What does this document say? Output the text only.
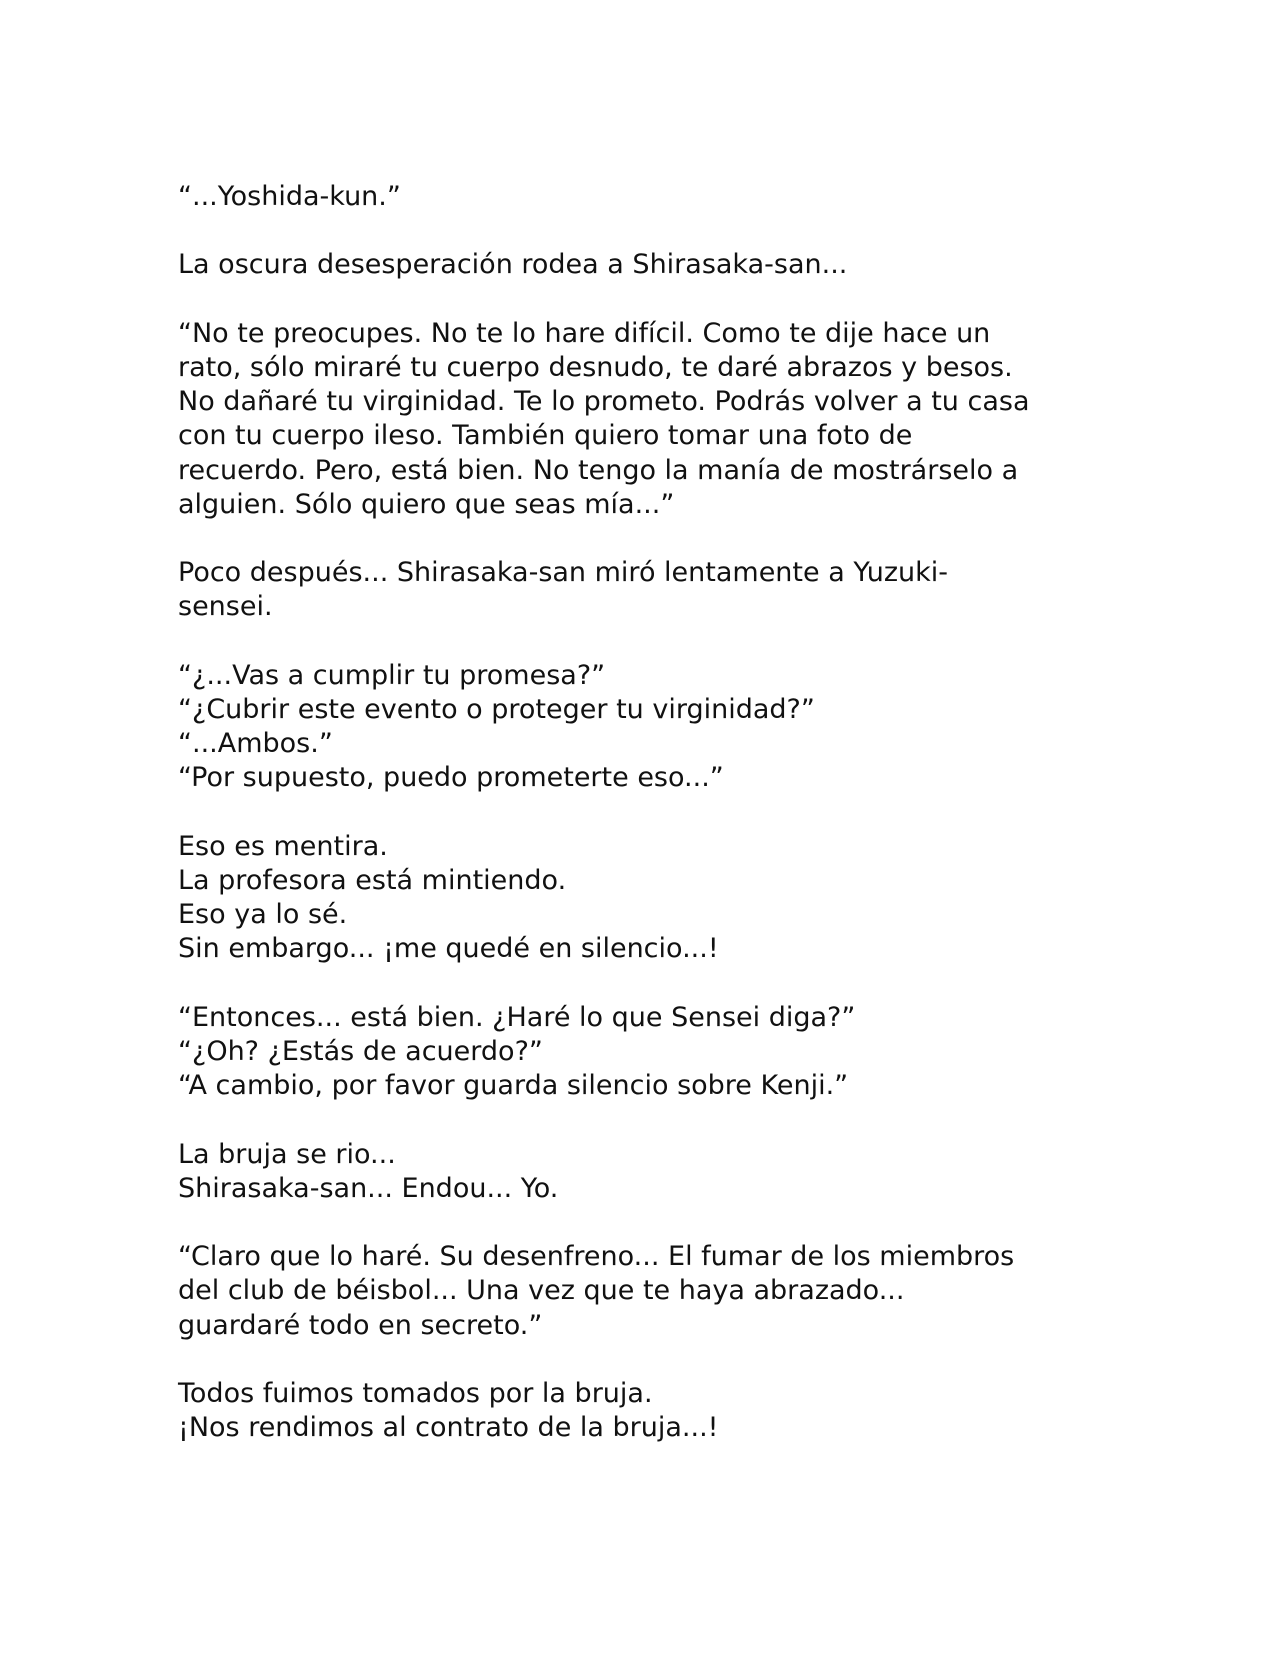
“...Yoshida-kun.”
La oscura desesperación rodea a Shirasaka-san...
“No te preocupes. No te lo hare difícil. Como te dije hace un
rato, sólo miraré tu cuerpo desnudo, te daré abrazos y besos.
No dañaré tu virginidad. Te lo prometo. Podrás volver a tu casa
con tu cuerpo ileso. También quiero tomar una foto de
recuerdo. Pero, está bien. No tengo la manía de mostrárselo a
alguien. Sólo quiero que seas mía...”
Poco después... Shirasaka-san miró lentamente a Yuzuki-
sensei.
“¿...Vas a cumplir tu promesa?”
“¿Cubrir este evento o proteger tu virginidad?”
“...Ambos.”
“Por supuesto, puedo prometerte eso...”
Eso es mentira.
La profesora está mintiendo.
Eso ya lo sé.
Sin embargo... ¡me quedé en silencio...!
“Entonces... está bien. ¿Haré lo que Sensei diga?”
“¿Oh? ¿Estás de acuerdo?”
“A cambio, por favor guarda silencio sobre Kenji.”
La bruja se rio...
Shirasaka-san... Endou... Yo.
“Claro que lo haré. Su desenfreno... El fumar de los miembros
del club de béisbol... Una vez que te haya abrazado...
guardaré todo en secreto.”
Todos fuimos tomados por la bruja.
¡Nos rendimos al contrato de la bruja...!
